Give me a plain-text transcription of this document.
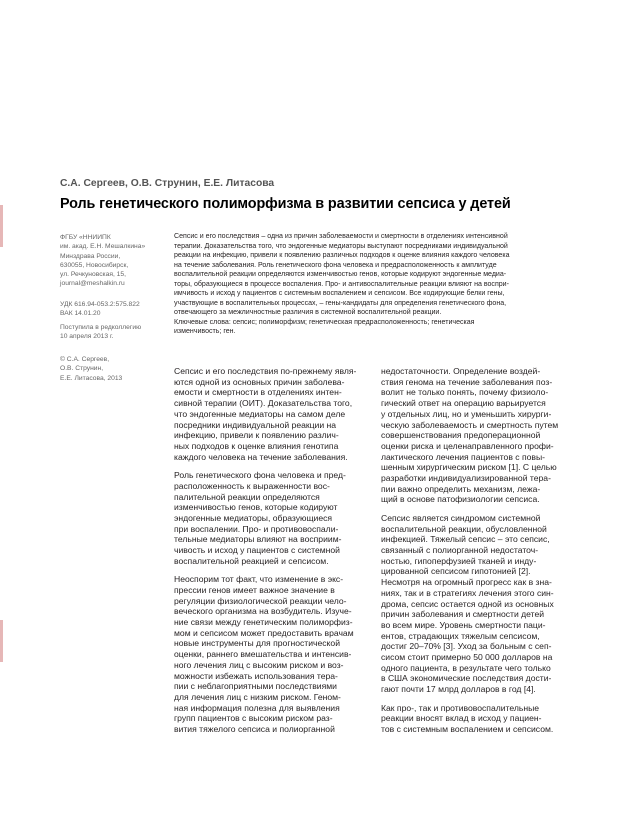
С.А. Сергеев, О.В. Струнин, Е.Е. Литасова
Роль генетического полиморфизма в развитии сепсиса у детей
ФГБУ «ННИИПК
им. акад. Е.Н. Мешалкина»
Минздрава России,
630055, Новосибирск,
ул. Речкуновская, 15,
journal@meshalkin.ru
УДК 616.94-053.2:575.822
ВАК 14.01.20
Поступила в редколлегию
10 апреля 2013 г.
© С.А. Сергеев,
О.В. Струнин,
Е.Е. Литасова, 2013
Сепсис и его последствия – одна из причин заболеваемости и смертности в отделениях интенсивной
терапии. Доказательства того, что эндогенные медиаторы выступают посредниками индивидуальной
реакции на инфекцию, привели к появлению различных подходов к оценке влияния каждого человека
на течение заболевания. Роль генетического фона человека и предрасположенность к амплитуде
воспалительной реакции определяются изменчивостью генов, которые кодируют эндогенные медиа-
торы, образующиеся в процессе воспаления. Про- и антивоспалительные реакции влияют на воспри-
имчивость и исход у пациентов с системным воспалением и сепсисом. Все кодирующие белки гены,
участвующие в воспалительных процессах, – гены-кандидаты для определения генетического фона,
отвечающего за межличностные различия в системной воспалительной реакции.
Ключевые слова: сепсис; полиморфизм; генетическая предрасположенность; генетическая
изменчивость; ген.
Сепсис и его последствия по-прежнему явля-
ются одной из основных причин заболева-
емости и смертности в отделениях интен-
сивной терапии (ОИТ). Доказательства того,
что эндогенные медиаторы на самом деле
посредники индивидуальной реакции на
инфекцию, привели к появлению различ-
ных подходов к оценке влияния генотипа
каждого человека на течение заболевания.
Роль генетического фона человека и пред-
расположенность к выраженности вос-
палительной реакции определяются
изменчивостью генов, которые кодируют
эндогенные медиаторы, образующиеся
при воспалении. Про- и противовоспали-
тельные медиаторы влияют на восприим-
чивость и исход у пациентов с системной
воспалительной реакцией и сепсисом.
Неоспорим тот факт, что изменение в экс-
прессии генов имеет важное значение в
регуляции физиологической реакции чело-
веческого организма на возбудитель. Изуче-
ние связи между генетическим полиморфиз-
мом и сепсисом может предоставить врачам
новые инструменты для прогностической
оценки, раннего вмешательства и интенсив-
ного лечения лиц с высоким риском и воз-
можности избежать использования тера-
пии с неблагоприятными последствиями
для лечения лиц с низким риском. Геном-
ная информация полезна для выявления
групп пациентов с высоким риском раз-
вития тяжелого сепсиса и полиорганной
недостаточности. Определение воздей-
ствия генома на течение заболевания поз-
волит не только понять, почему физиоло-
гический ответ на операцию варьируется
у отдельных лиц, но и уменьшить хирурги-
ческую заболеваемость и смертность путем
совершенствования предоперационной
оценки риска и целенаправленного профи-
лактического лечения пациентов с повы-
шенным хирургическим риском [1]. С целью
разработки индивидуализированной тера-
пии важно определить механизм, лежа-
щий в основе патофизиологии сепсиса.
Сепсис является синдромом системной
воспалительной реакции, обусловленной
инфекцией. Тяжелый сепсис – это сепсис,
связанный с полиорганной недостаточ-
ностью, гипоперфузией тканей и инду-
цированной сепсисом гипотонией [2].
Несмотря на огромный прогресс как в зна-
ниях, так и в стратегиях лечения этого син-
дрома, сепсис остается одной из основных
причин заболевания и смертности детей
во всем мире. Уровень смертности паци-
ентов, страдающих тяжелым сепсисом,
достиг 20–70% [3]. Уход за больным с сеп-
сисом стоит примерно 50 000 долларов на
одного пациента, в результате чего только
в США экономические последствия дости-
гают почти 17 млрд долларов в год [4].
Как про-, так и противовоспалительные
реакции вносят вклад в исход у пациен-
тов с системным воспалением и сепсисом.
